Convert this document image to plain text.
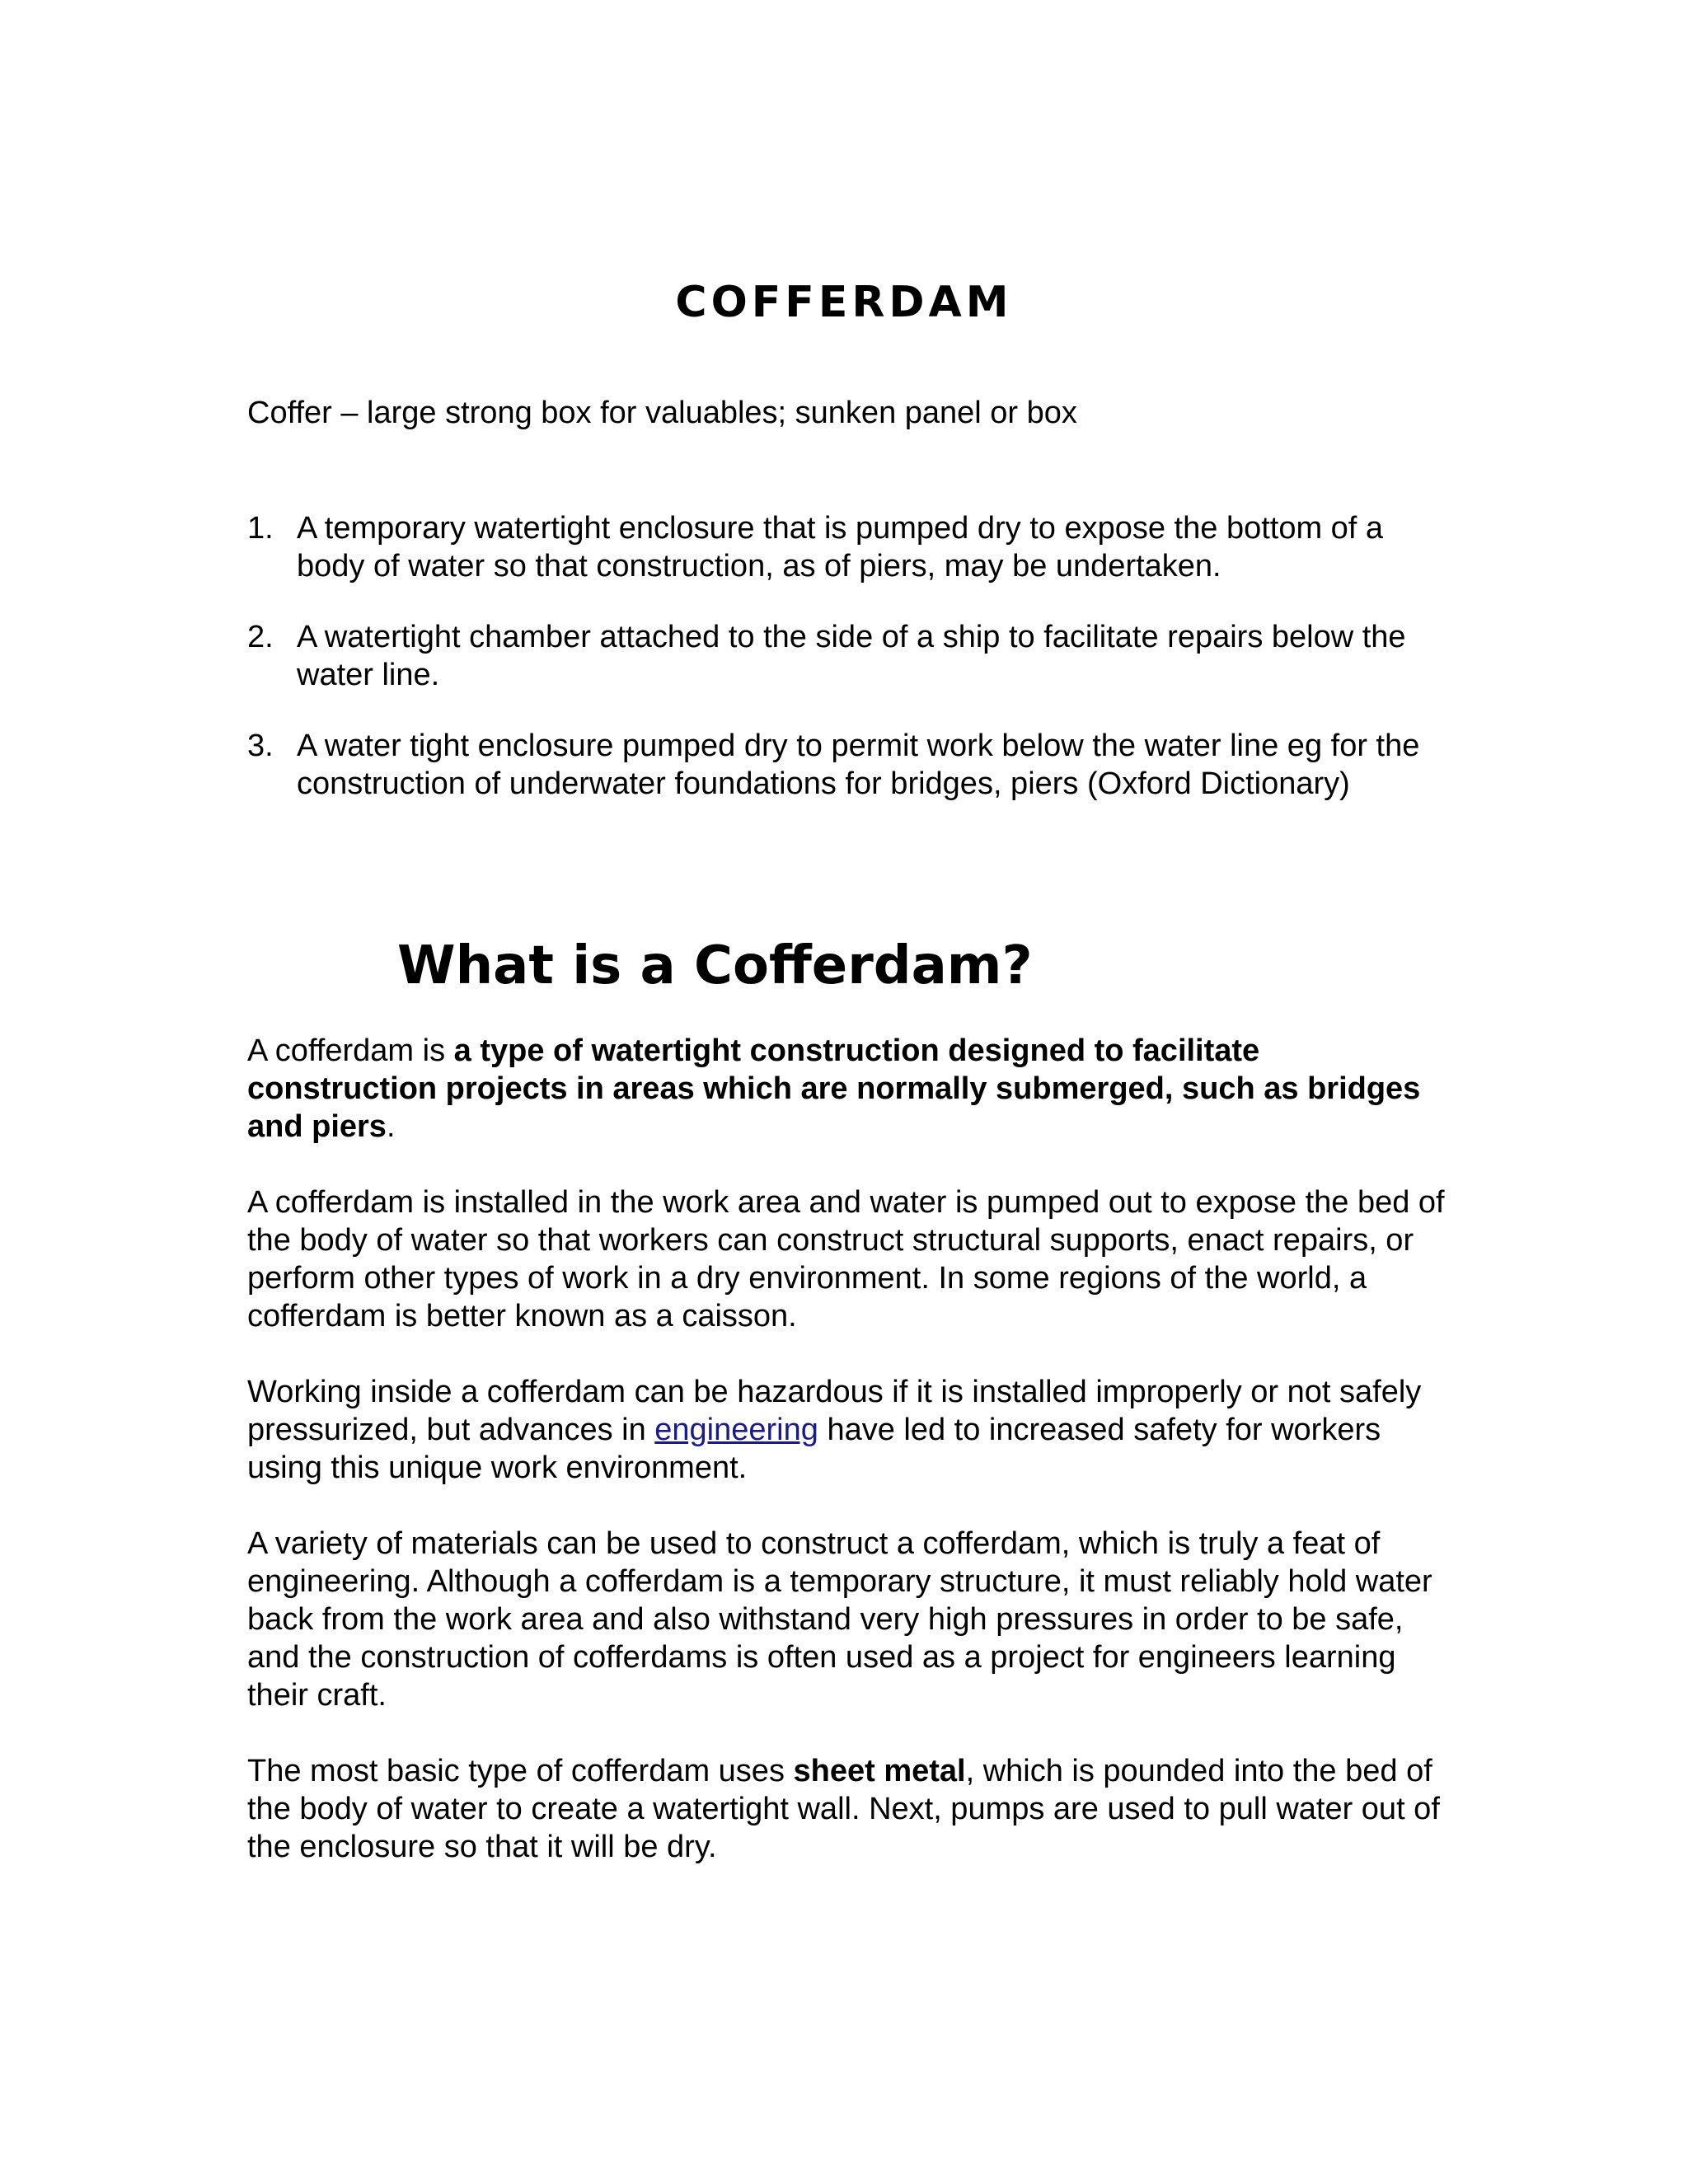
COFFERDAM

Coffer – large strong box for valuables; sunken panel or box

1. A temporary watertight enclosure that is pumped dry to expose the bottom of a body of water so that construction, as of piers, may be undertaken.
2. A watertight chamber attached to the side of a ship to facilitate repairs below the water line.
3. A water tight enclosure pumped dry to permit work below the water line eg for the construction of underwater foundations for bridges, piers (Oxford Dictionary)
What is a Cofferdam?

A cofferdam is a type of watertight construction designed to facilitate construction projects in areas which are normally submerged, such as bridges and piers.

A cofferdam is installed in the work area and water is pumped out to expose the bed of the body of water so that workers can construct structural supports, enact repairs, or perform other types of work in a dry environment. In some regions of the world, a cofferdam is better known as a caisson.

Working inside a cofferdam can be hazardous if it is installed improperly or not safely pressurized, but advances in engineering have led to increased safety for workers using this unique work environment.

A variety of materials can be used to construct a cofferdam, which is truly a feat of engineering. Although a cofferdam is a temporary structure, it must reliably hold water back from the work area and also withstand very high pressures in order to be safe, and the construction of cofferdams is often used as a project for engineers learning their craft.

The most basic type of cofferdam uses sheet metal, which is pounded into the bed of the body of water to create a watertight wall. Next, pumps are used to pull water out of the enclosure so that it will be dry.
